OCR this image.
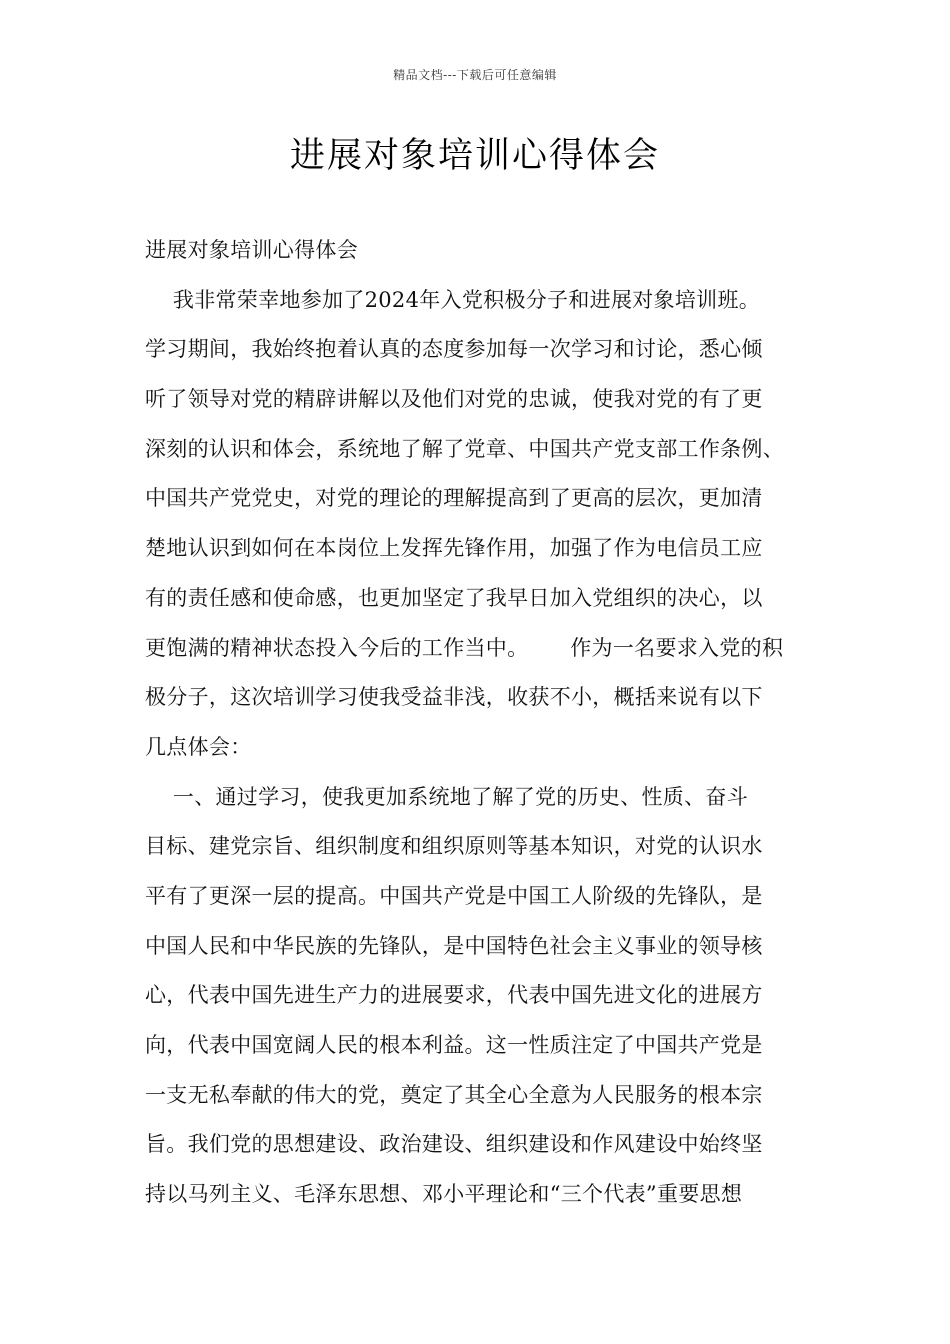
精品文档---下载后可任意编辑
进展对象培训心得体会
进展对象培训心得体会
我非常荣幸地参加了2024年入党积极分子和进展对象培训班。
学习期间，我始终抱着认真的态度参加每一次学习和讨论，悉心倾
听了领导对党的精辟讲解以及他们对党的忠诚，使我对党的有了更
深刻的认识和体会，系统地了解了党章、中国共产党支部工作条例、
中国共产党党史，对党的理论的理解提高到了更高的层次，更加清
楚地认识到如何在本岗位上发挥先锋作用，加强了作为电信员工应
有的责任感和使命感，也更加坚定了我早日加入党组织的决心，以
更饱满的精神状态投入今后的工作当中。      作为一名要求入党的积
极分子，这次培训学习使我受益非浅，收获不小，概括来说有以下
几点体会：
一、通过学习，使我更加系统地了解了党的历史、性质、奋斗
目标、建党宗旨、组织制度和组织原则等基本知识，对党的认识水
平有了更深一层的提高。中国共产党是中国工人阶级的先锋队，是
中国人民和中华民族的先锋队，是中国特色社会主义事业的领导核
心，代表中国先进生产力的进展要求，代表中国先进文化的进展方
向，代表中国宽阔人民的根本利益。这一性质注定了中国共产党是
一支无私奉献的伟大的党，奠定了其全心全意为人民服务的根本宗
旨。我们党的思想建设、政治建设、组织建设和作风建设中始终坚
持以马列主义、毛泽东思想、邓小平理论和“三个代表”重要思想
